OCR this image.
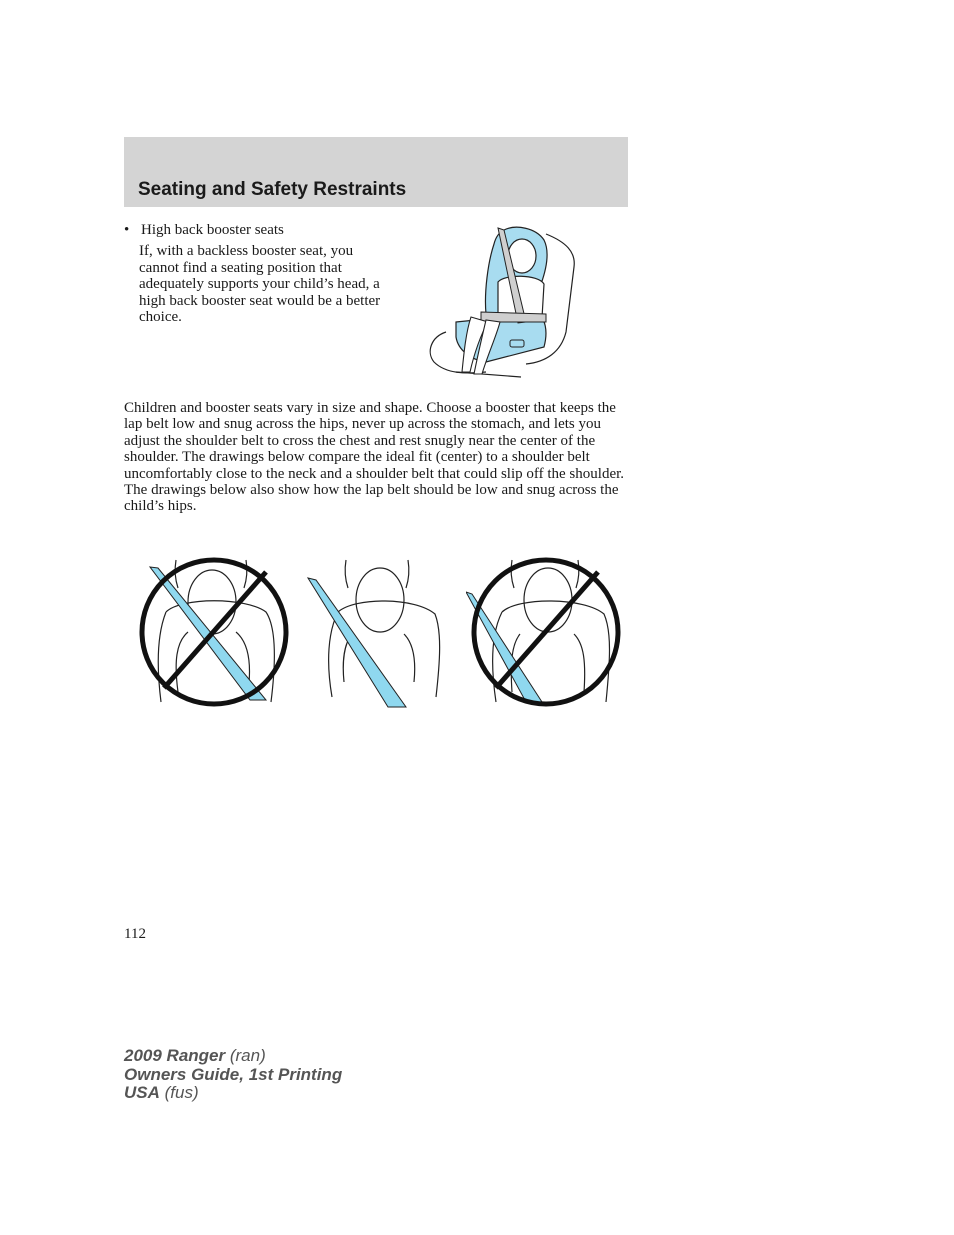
Seating and Safety Restraints
• High back booster seats
If, with a backless booster seat, you cannot find a seating position that adequately supports your child’s head, a high back booster seat would be a better choice.
Children and booster seats vary in size and shape. Choose a booster that keeps the lap belt low and snug across the hips, never up across the stomach, and lets you adjust the shoulder belt to cross the chest and rest snugly near the center of the shoulder. The drawings below compare the ideal fit (center) to a shoulder belt uncomfortably close to the neck and a shoulder belt that could slip off the shoulder. The drawings below also show how the lap belt should be low and snug across the child’s hips.
112
2009 Ranger (ran)
Owners Guide, 1st Printing
USA (fus)
